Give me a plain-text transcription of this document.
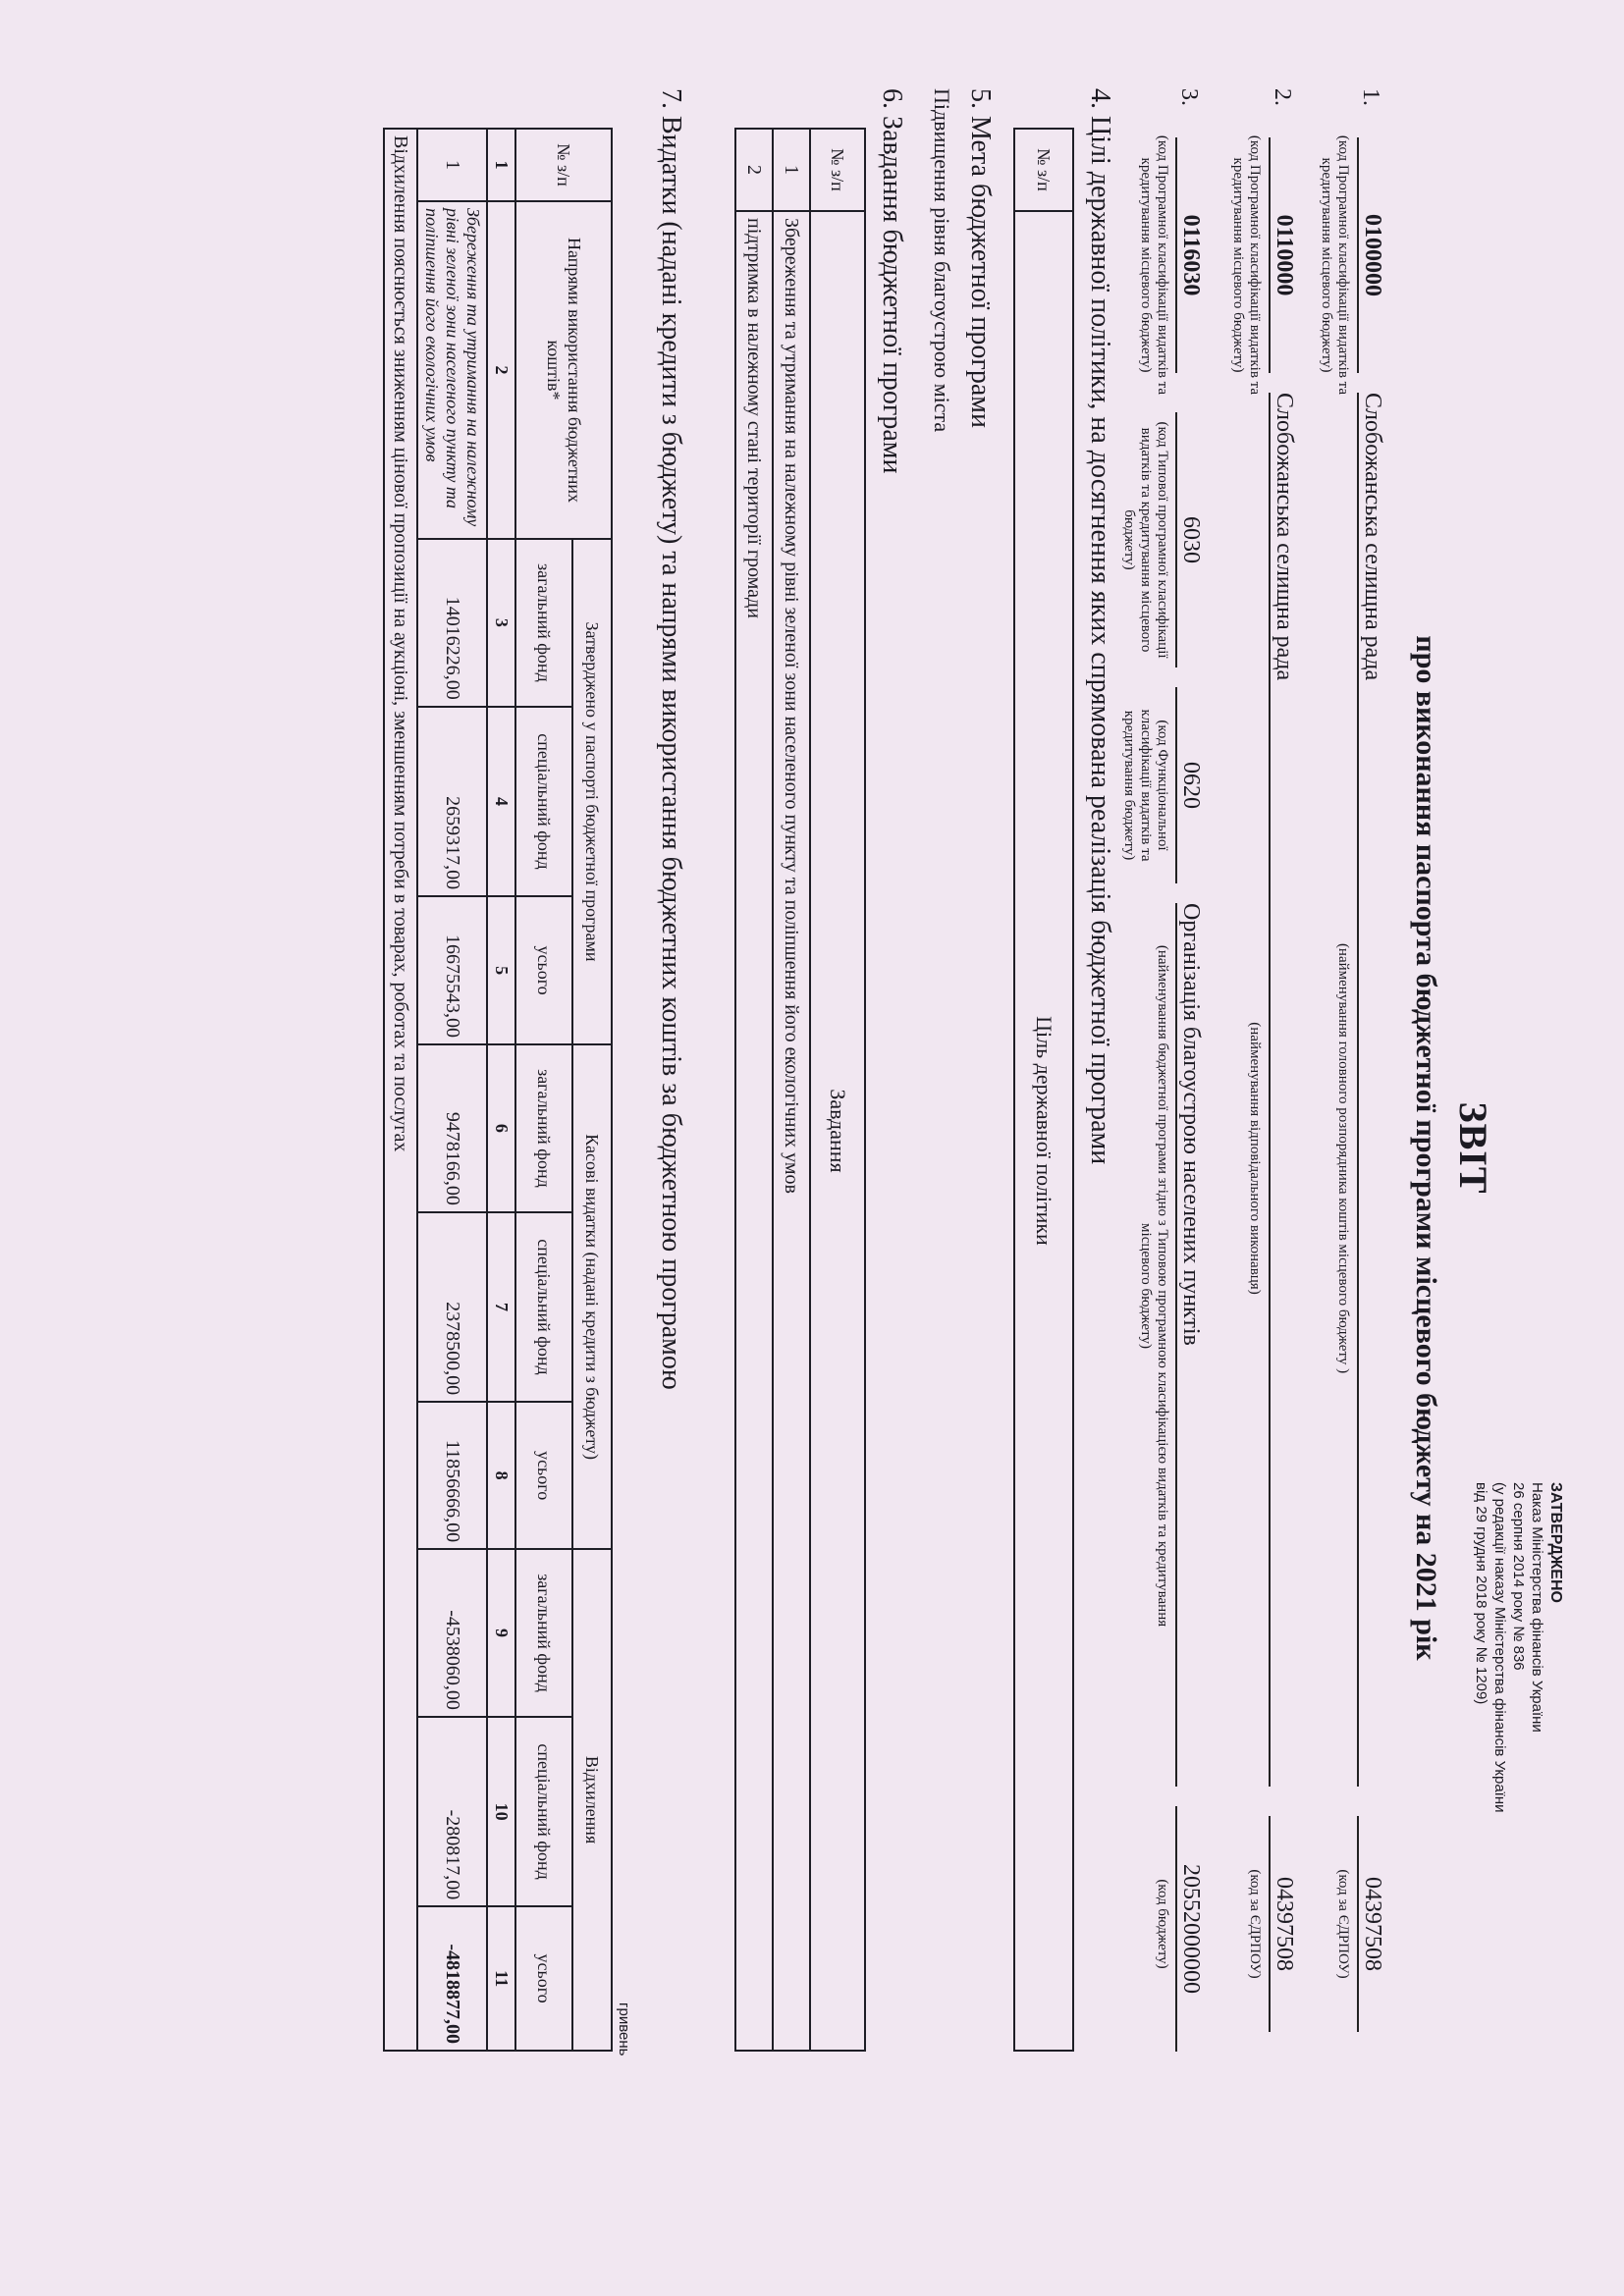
ЗАТВЕРДЖЕНО
Наказ Міністерства фінансів України
26 серпня 2014 року № 836
(у редакції наказу Міністерства фінансів України
від 29 грудня 2018 року № 1209)
ЗВІТ
про виконання паспорта бюджетної програми місцевого бюджету на 2021 рік
1.
0100000
Слобожанська селищна рада
04397508
(код Програмної класифікації видатків та кредитування місцевого бюджету)
(найменування головного розпорядника коштів місцевого бюджету )
(код за ЄДРПОУ)
2.
0110000
Слобожанська селищна рада
04397508
(код Програмної класифікації видатків та кредитування місцевого бюджету)
(найменування відповідального виконавця)
(код за ЄДРПОУ)
3.
0116030
6030
0620
Організація благоустрою населених пунктів
20552000000
(код Програмної класифікації видатків та кредитування місцевого бюджету)
(код Типової програмної класифікації видатків та кредитування місцевого бюджету)
(код Функціональної класифікації видатків та кредитування бюджету)
(найменування бюджетної програми згідно з Типовою програмною класифікацією видатків та кредитування місцевого бюджету)
(код бюджету)
4. Цілі державної політики, на досягнення яких спрямована реалізація бюджетної програми
№ з/п	Ціль державної політики
5. Мета бюджетної програми
Підвищення рівня благоустрою міста
6. Завдання бюджетної програми
№ з/п	Завдання
1	Збереження та утримання на належному рівні зеленої зони населеного пункту та поліпшення його екологічних умов
2	підтримка в належному стані території громади
7. Видатки (надані кредити з бюджету) та напрями використання бюджетних коштів за бюджетною програмою
гривень
№ з/п	Напрями використання бюджетних коштів*	Затверджено у паспорті бюджетної програми			Касові видатки (надані кредити з бюджету)			Відхилення		
		загальний фонд	спеціальний фонд	усього	загальний фонд	спеціальний фонд	усього	загальний фонд	спеціальний фонд	усього
1	2	3	4	5	6	7	8	9	10	11
1	Збереження та утримання на належному рівні зеленої зони населеного пункту та поліпшення його екологічних умов	14016226,00	2659317,00	16675543,00	9478166,00	2378500,00	11856666,00	-4538060,00	-280817,00	-4818877,00
Відхилення пояснюється зниженням цінової пропозиції на аукціоні, зменшенням потреби в товарах, роботах та послугах										
